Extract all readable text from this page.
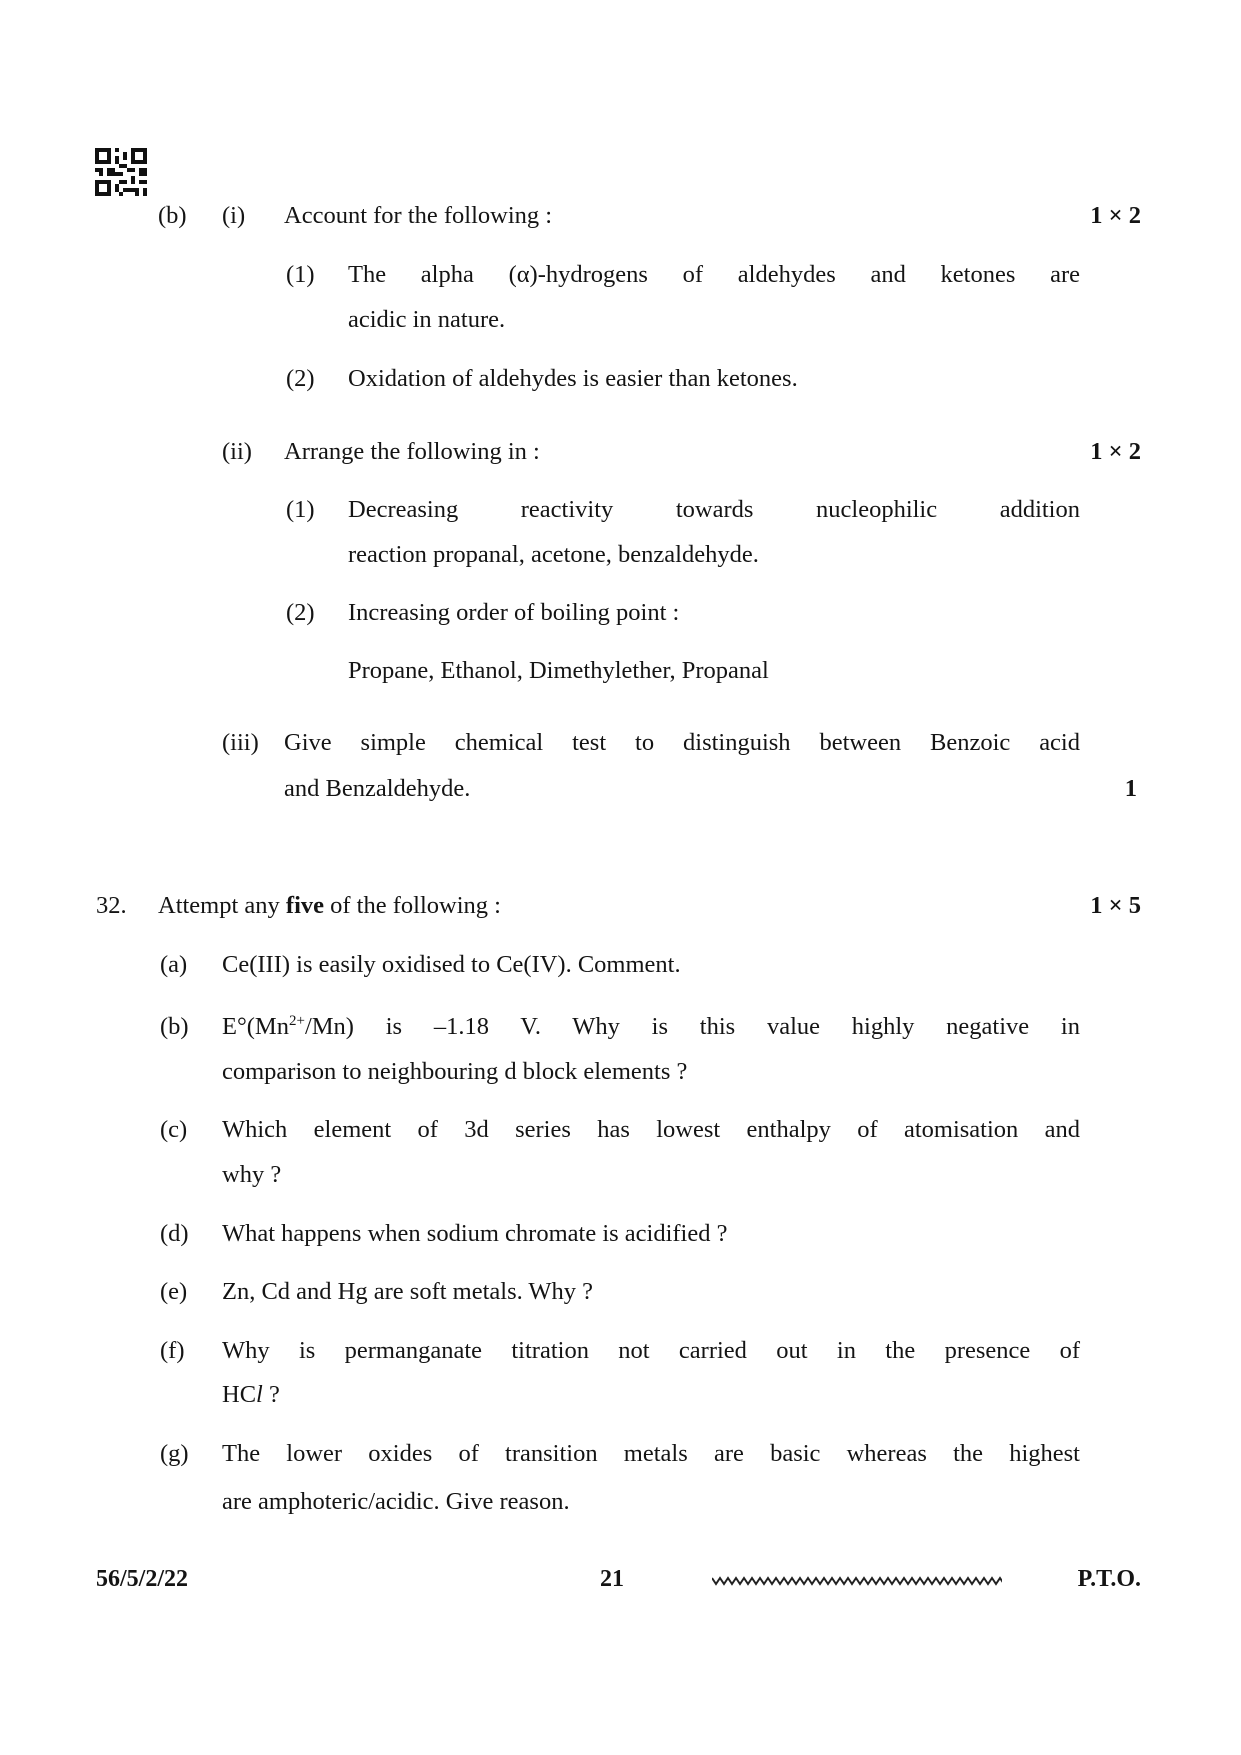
(b) (i) Account for the following :	1 × 2
(1) The alpha (α)-hydrogens of aldehydes and ketones are
acidic in nature.
(2) Oxidation of aldehydes is easier than ketones.
(ii) Arrange the following in :	1 × 2
(1) Decreasing reactivity towards nucleophilic addition
reaction propanal, acetone, benzaldehyde.
(2) Increasing order of boiling point :
Propane, Ethanol, Dimethylether, Propanal
(iii) Give simple chemical test to distinguish between Benzoic acid
and Benzaldehyde.	1
32. Attempt any five of the following :	1 × 5
(a) Ce(III) is easily oxidised to Ce(IV). Comment.
(b) $E^\circ(Mn^{2+}/Mn)$ is –1.18 V. Why is this value highly negative in
comparison to neighbouring d block elements ?
(c) Which element of 3d series has lowest enthalpy of atomisation and
why ?
(d) What happens when sodium chromate is acidified ?
(e) Zn, Cd and Hg are soft metals. Why ?
(f) Why is permanganate titration not carried out in the presence of
HCl ?
(g) The lower oxides of transition metals are basic whereas the highest
are amphoteric/acidic. Give reason.
56/5/2/22	21	P.T.O.
